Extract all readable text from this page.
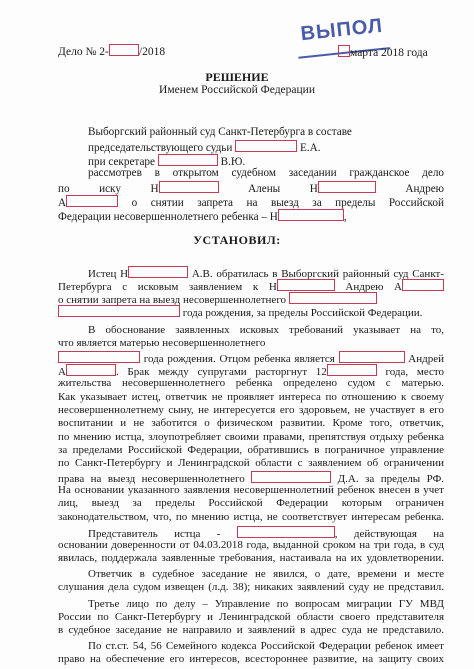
ВЫПОЛ
Дело № 2-	/2018	марта 2018 года
РЕШЕНИЕ
Именем Российской Федерации
Выборгский районный суд Санкт-Петербурга в составе
председательствующего судьи	Е.А.
при секретаре	В.Ю.
рассмотрев в открытом судебном заседании гражданское дело
по иску Н	Алены	Н	Андрею
А	о снятии запрета на выезд за пределы Российской
Федерации несовершеннолетнего ребенка – Н	,
УСТАНОВИЛ:
Истец Н	А.В. обратилась в Выборгский районный суд Санкт-
Петербурга с исковым заявлением к Н	Андрею А
о снятии запрета на выезд несовершеннолетнего
года рождения, за пределы Российской Федерации.
В обоснование заявленных исковых требований указывает на то,
что является матерью несовершеннолетнего
года рождения. Отцом ребенка является	Андрей
А	. Брак между супругами расторгнут 12	года, место
жительства несовершеннолетнего ребенка определено судом с матерью.
Как указывает истец, ответчик не проявляет интереса по отношению к своему
несовершеннолетнему сыну, не интересуется его здоровьем, не участвует в его
воспитании и не заботится о физическом развитии. Кроме того, ответчик,
по мнению истца, злоупотребляет своими правами, препятствуя отдыху ребенка
за пределами Российской Федерации, обратившись в пограничное управление
по Санкт-Петербургу и Ленинградской области с заявлением об ограничении
права на выезд несовершеннолетнего	Д.А. за пределы РФ.
На основании указанного заявления несовершеннолетний ребенок внесен в учет
лиц, выезд за пределы Российской Федерации которым ограничен
законодательством, что, по мнению истца, не соответствует интересам ребенка.
Представитель истца -	, действующая на
основании доверенности от 04.03.2018 года, выданной сроком на три года, в суд
явилась, поддержала заявленные требования, настаивала на их удовлетворении.
Ответчик в судебное заседание не явился, о дате, времени и месте
слушания дела судом извещен (л.д. 38); никаких заявлений суду не представил.
Третье лицо по делу – Управление по вопросам миграции ГУ МВД
России по Санкт-Петербургу и Ленинградской области своего представителя
в судебное заседание не направило и заявлений в адрес суда не представило.
По ст.ст. 54, 56 Семейного кодекса Российской Федерации ребенок имеет
право на обеспечение его интересов, всестороннее развитие, на защиту своих
